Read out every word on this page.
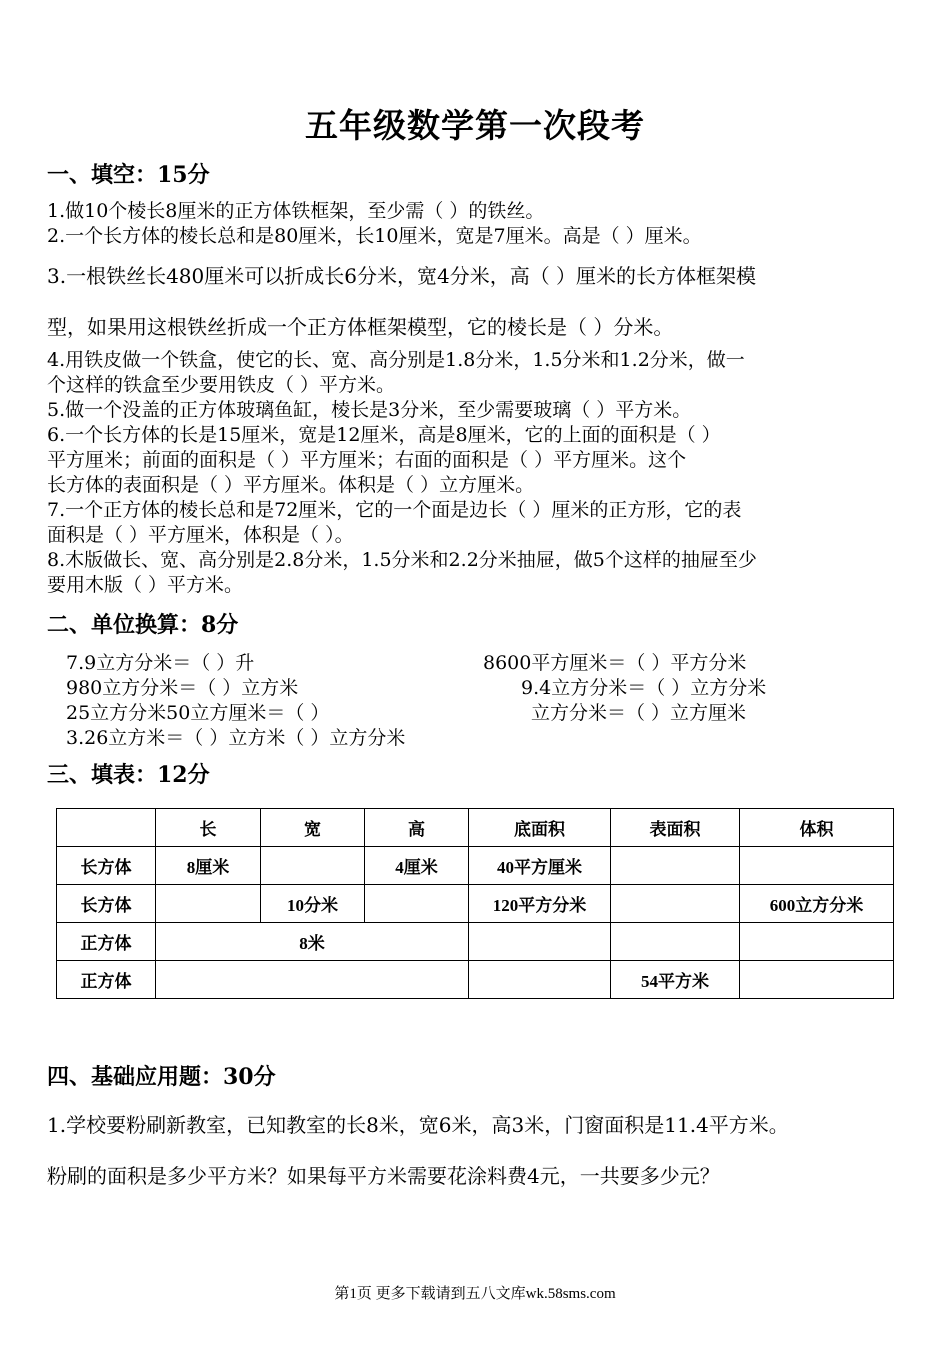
五年级数学第一次段考
一、填空：15分
1.做10个棱长8厘米的正方体铁框架，至少需（ ）的铁丝。
2.一个长方体的棱长总和是80厘米，长10厘米，宽是7厘米。高是（ ）厘米。
3.一根铁丝长480厘米可以折成长6分米，宽4分米，高（ ）厘米的长方体框架模
型，如果用这根铁丝折成一个正方体框架模型，它的棱长是（ ）分米。
4.用铁皮做一个铁盒，使它的长、宽、高分别是1.8分米，1.5分米和1.2分米，做一
个这样的铁盒至少要用铁皮（ ）平方米。
5.做一个没盖的正方体玻璃鱼缸，棱长是3分米，至少需要玻璃（ ）平方米。
6.一个长方体的长是15厘米，宽是12厘米，高是8厘米，它的上面的面积是（ ）
平方厘米；前面的面积是（ ）平方厘米；右面的面积是（ ）平方厘米。这个
长方体的表面积是（ ）平方厘米。体积是（ ）立方厘米。
7.一个正方体的棱长总和是72厘米，它的一个面是边长（ ）厘米的正方形，它的表
面积是（ ）平方厘米，体积是（ ）。
8.木版做长、宽、高分别是2.8分米，1.5分米和2.2分米抽屉，做5个这样的抽屉至少
要用木版（ ）平方米。
二、单位换算：8分
7.9立方分米＝（ ）升	8600平方厘米＝（ ）平方分米
980立方分米＝（ ）立方米	9.4立方分米＝（ ）立方分米
25立方分米50立方厘米＝（ ）	立方分米＝（ ）立方厘米
3.26立方米＝（ ）立方米（ ）立方分米
三、填表：12分
	长	宽	高	底面积	表面积	体积
长方体	8厘米		4厘米	40平方厘米		
长方体		10分米		120平方分米		600立方分米
正方体	8米					
正方体					54平方米	
四、基础应用题：30分
1.学校要粉刷新教室，已知教室的长8米，宽6米，高3米，门窗面积是11.4平方米。
粉刷的面积是多少平方米？如果每平方米需要花涂料费4元，一共要多少元？
第1页 更多下载请到五八文库wk.58sms.com
